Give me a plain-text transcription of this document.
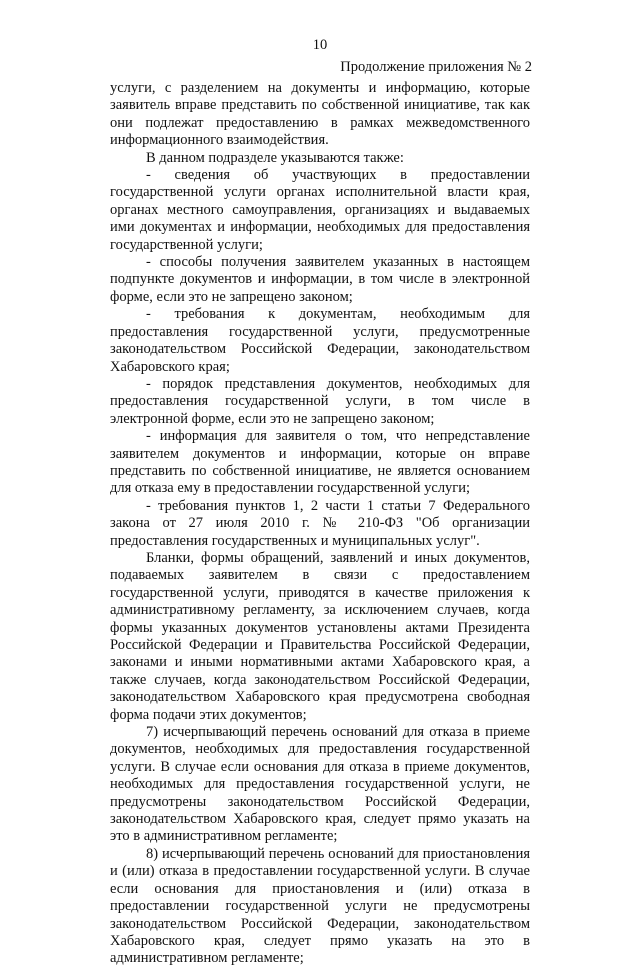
10
Продолжение приложения № 2

услуги, с разделением на документы и информацию, которые заявитель вправе представить по собственной инициативе, так как они подлежат предоставлению в рамках межведомственного информационного взаимодействия.

В данном подразделе указываются также:

- сведения об участвующих в предоставлении государственной услуги органах исполнительной власти края, органах местного самоуправления, организациях и выдаваемых ими документах и информации, необходимых для предоставления государственной услуги;

- способы получения заявителем указанных в настоящем подпункте документов и информации, в том числе в электронной форме, если это не запрещено законом;

- требования к документам, необходимым для предоставления государственной услуги, предусмотренные законодательством Российской Федерации, законодательством Хабаровского края;

- порядок представления документов, необходимых для предоставления государственной услуги, в том числе в электронной форме, если это не запрещено законом;

- информация для заявителя о том, что непредставление заявителем документов и информации, которые он вправе представить по собственной инициативе, не является основанием для отказа ему в предоставлении государственной услуги;

- требования пунктов 1, 2 части 1 статьи 7 Федерального закона от 27 июля 2010 г. № 210-ФЗ "Об организации предоставления государственных и муниципальных услуг".

Бланки, формы обращений, заявлений и иных документов, подаваемых заявителем в связи с предоставлением государственной услуги, приводятся в качестве приложения к административному регламенту, за исключением случаев, когда формы указанных документов установлены актами Президента Российской Федерации и Правительства Российской Федерации, законами и иными нормативными актами Хабаровского края, а также случаев, когда законодательством Российской Федерации, законодательством Хабаровского края предусмотрена свободная форма подачи этих документов;

7) исчерпывающий перечень оснований для отказа в приеме документов, необходимых для предоставления государственной услуги. В случае если основания для отказа в приеме документов, необходимых для предоставления государственной услуги, не предусмотрены законодательством Российской Федерации, законодательством Хабаровского края, следует прямо указать на это в административном регламенте;

8) исчерпывающий перечень оснований для приостановления и (или) отказа в предоставлении государственной услуги. В случае если основания для приостановления и (или) отказа в предоставлении государственной услуги не предусмотрены законодательством Российской Федерации, законодательством Хабаровского края, следует прямо указать на это в административном регламенте;
